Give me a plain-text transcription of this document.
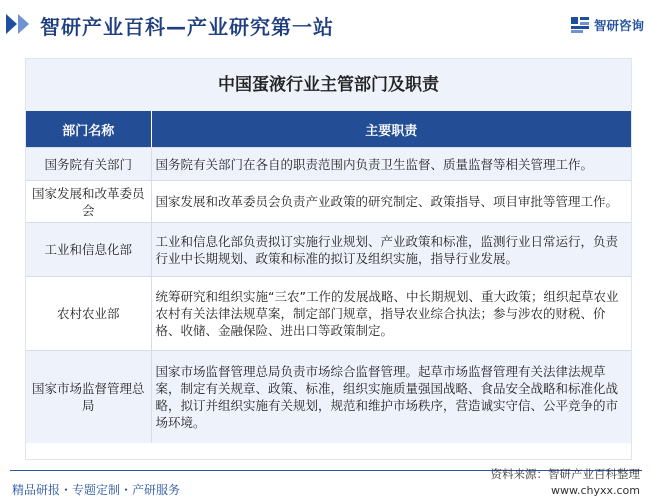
智研产业百科—产业研究第一站	智研咨询
中国蛋液行业主管部门及职责
部门名称	主要职责
国务院有关部门	国务院有关部门在各自的职责范围内负责卫生监督、质量监督等相关管理工作。
国家发展和改革委员会	国家发展和改革委员会负责产业政策的研究制定、政策指导、项目审批等管理工作。
工业和信息化部	工业和信息化部负责拟订实施行业规划、产业政策和标准，监测行业日常运行，负责行业中长期规划、政策和标准的拟订及组织实施，指导行业发展。
农村农业部	统筹研究和组织实施“三农”工作的发展战略、中长期规划、重大政策；组织起草农业农村有关法律法规草案，制定部门规章，指导农业综合执法；参与涉农的财税、价格、收储、金融保险、进出口等政策制定。
国家市场监督管理总局	国家市场监督管理总局负责市场综合监督管理。起草市场监督管理有关法律法规草案，制定有关规章、政策、标准，组织实施质量强国战略、食品安全战略和标准化战略，拟订并组织实施有关规划，规范和维护市场秩序，营造诚实守信、公平竞争的市场环境。
精品研报・专题定制・产研服务
资料来源：智研产业百科整理
www.chyxx.com
